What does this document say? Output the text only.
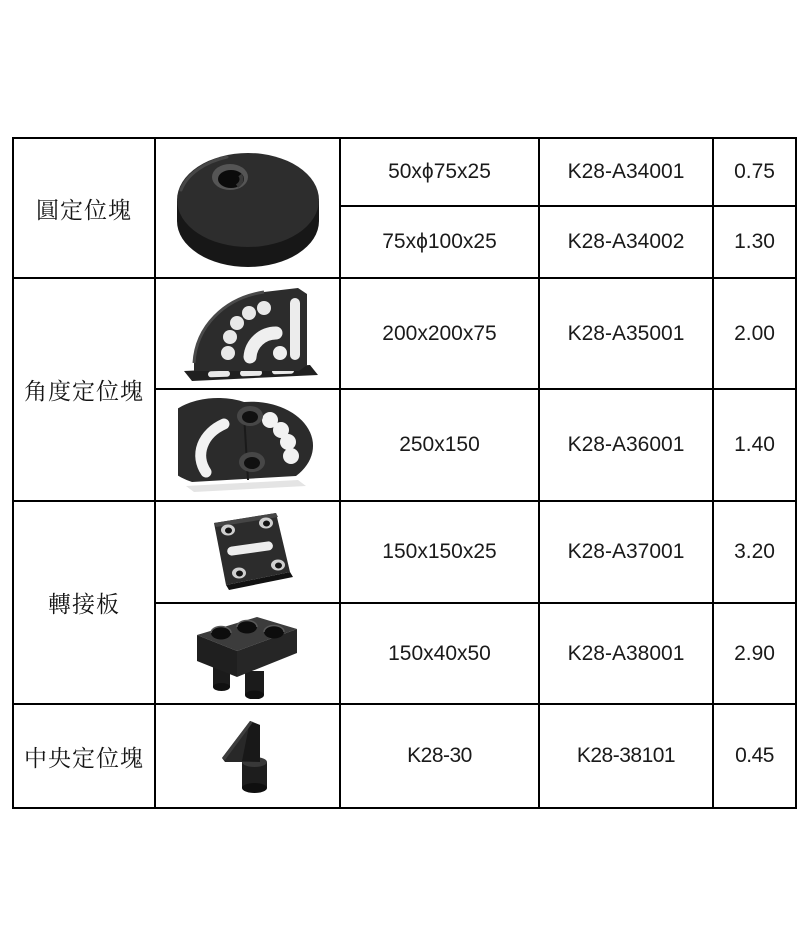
圓定位塊		50xϕ75x25	K28-A34001	0.75
		75xϕ100x25	K28-A34002	1.30
角度定位塊		200x200x75	K28-A35001	2.00

	250x150	K28-A36001	1.40
轉接板		150x150x25	K28-A37001	3.20

	150x40x50	K28-A38001	2.90
中央定位塊		K28-30	K28-38101	0.45
